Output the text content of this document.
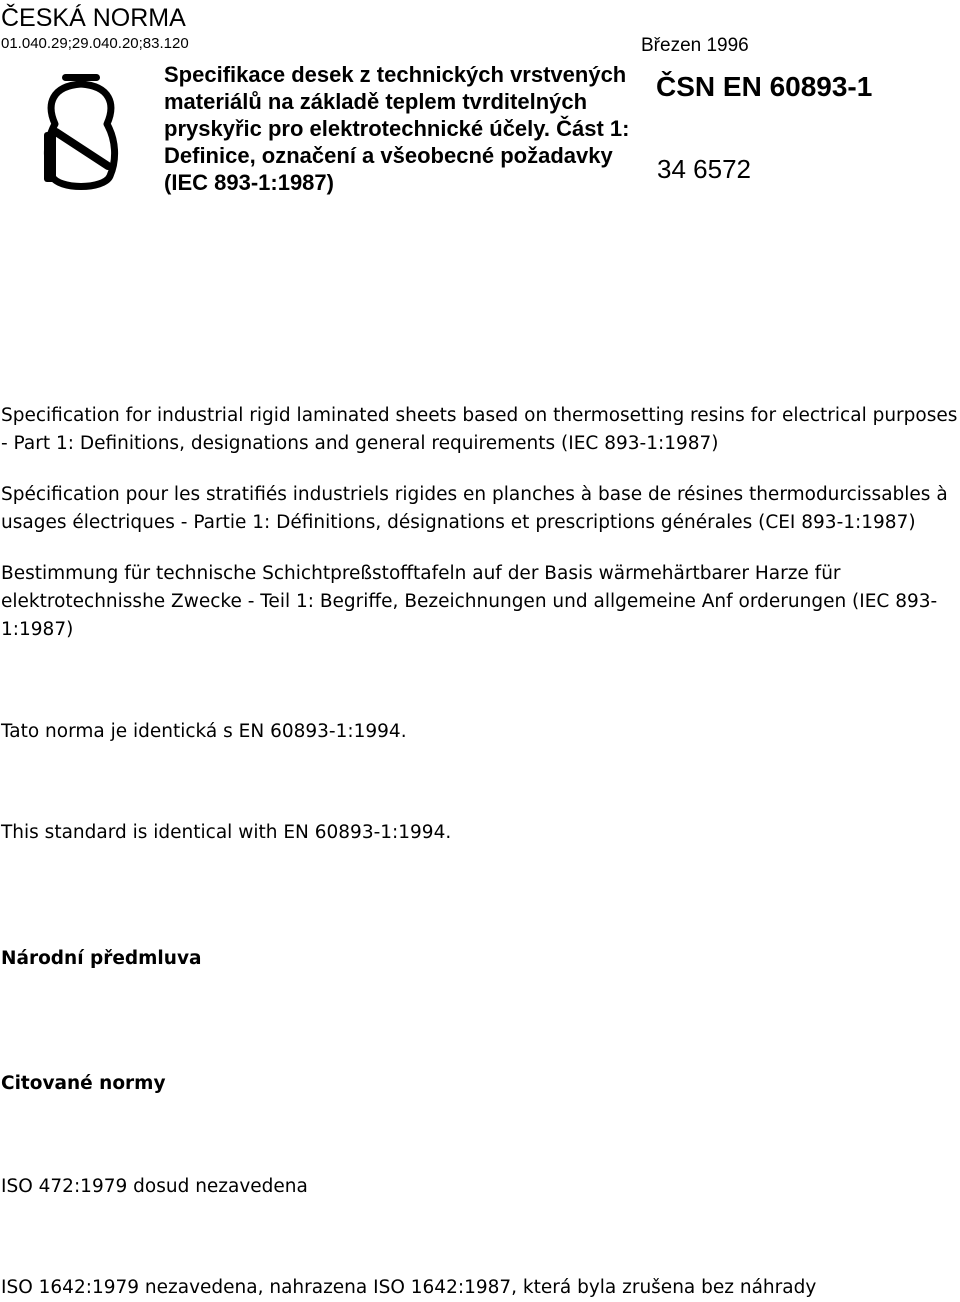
ČESKÁ NORMA
01.040.29;29.040.20;83.120
Specifikace desek z technických vrstvených materiálů na základě teplem tvrditelných pryskyřic pro elektrotechnické účely. Část 1: Definice, označení a všeobecné požadavky (IEC 893-1:1987)
Březen 1996
ČSN EN 60893-1
34 6572

Specification for industrial rigid laminated sheets based on thermosetting resins for electrical purposes - Part 1: Definitions, designations and general requirements (IEC 893-1:1987)

Spécification pour les stratifiés industriels rigides en planches à base de résines thermodurcissables à usages électriques - Partie 1: Définitions, désignations et prescriptions générales (CEI 893-1:1987)

Bestimmung für technische Schichtpreßstofftafeln auf der Basis wärmehärtbarer Harze für elektrotechnisshe Zwecke - Teil 1: Begriffe, Bezeichnungen und allgemeine Anf orderungen (IEC 893-1:1987)

Tato norma je identická s EN 60893-1:1994.

This standard is identical with EN 60893-1:1994.

Národní předmluva
Citované normy

ISO 472:1979 dosud nezavedena

ISO 1642:1979 nezavedena, nahrazena ISO 1642:1987, která byla zrušena bez náhrady
